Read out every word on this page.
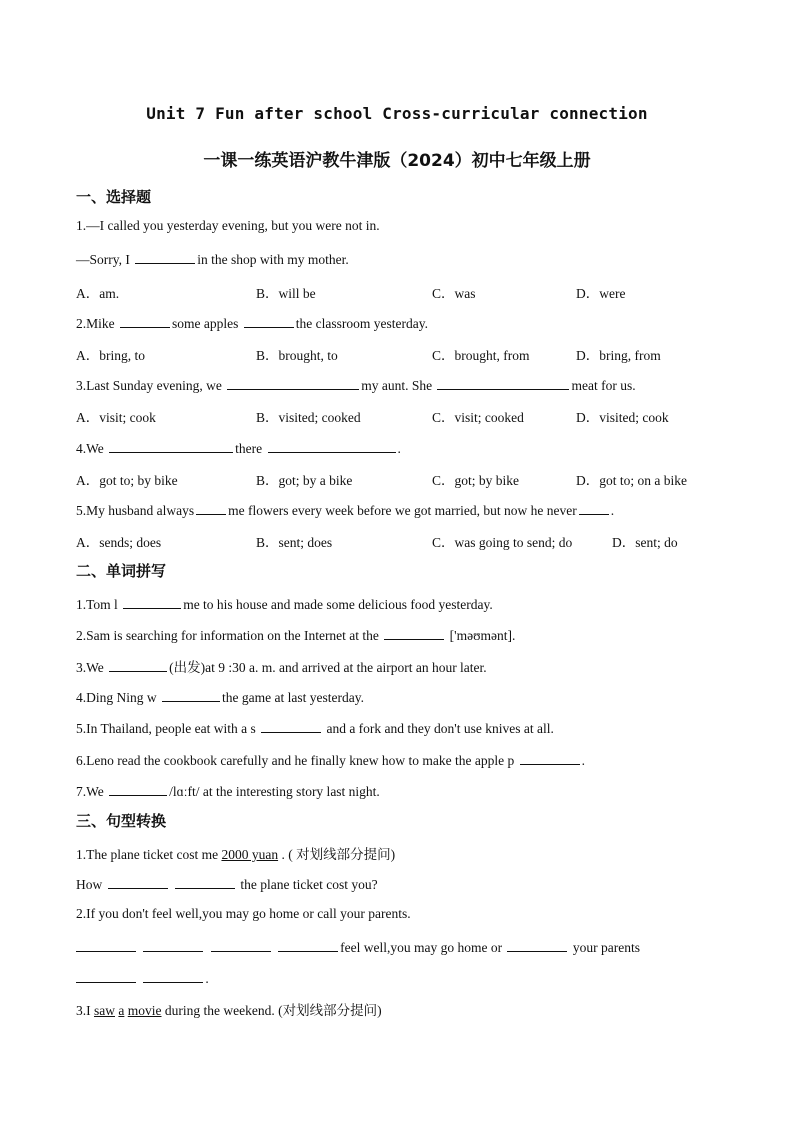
Unit 7 Fun after school Cross-curricular connection
一课一练英语沪教牛津版（2024）初中七年级上册
一、选择题
1.—I called you yesterday evening, but you were not in.
—Sorry, I	in the shop with my mother.
A．am.	B．will be	C．was	D．were
2.Mike	some apples	the classroom yesterday.
A．bring, to	B．brought, to	C．brought, from	D．bring, from
3.Last Sunday evening, we	my aunt. She	meat for us.
A．visit; cook	B．visited; cooked	C．visit; cooked	D．visited; cook
4.We	there	.
A．got to; by bike	B．got; by a bike	C．got; by bike	D．got to; on a bike
5.My husband always	me flowers every week before we got married, but now he never	.
A．sends; does	B．sent; does	C．was going to send; do	D．sent; do
二、单词拼写
1.Tom l	me to his house and made some delicious food yesterday.
2.Sam is searching for information on the Internet at the	['məʊmənt].
3.We	(出发)at 9 :30 a. m. and arrived at the airport an hour later.
4.Ding Ning w	the game at last yesterday.
5.In Thailand, people eat with a s	and a fork and they don't use knives at all.
6.Leno read the cookbook carefully and he finally knew how to make the apple p	.
7.We	/lɑːft/ at the interesting story last night.
三、句型转换
1.The plane ticket cost me 2000 yuan . ( 对划线部分提问)
How	the plane ticket cost you?
2.If you don't feel well,you may go home or call your parents.
feel well,you may go home or	your parents
.
3.I saw a movie during the weekend. (对划线部分提问)
